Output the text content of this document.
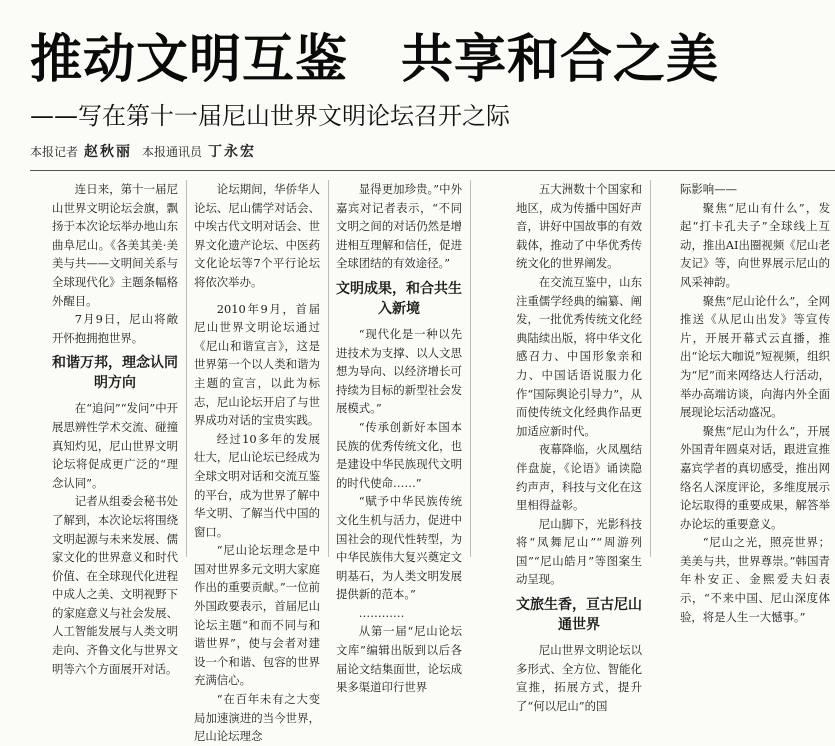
推动文明互鉴　共享和合之美
——写在第十一届尼山世界文明论坛召开之际
本报记者 赵秋丽 本报通讯员 丁永宏

连日来，第十一届尼山世界文明论坛会旗，飘扬于本次论坛举办地山东曲阜尼山。《各美其美·美美与共——文明间关系与全球现代化》主题条幅格外醒目。

7月9日，尼山将敞开怀抱拥抱世界。

和谐万邦，理念认同明方向

在“追问”“发问”中开展思辨性学术交流、碰撞真知灼见，尼山世界文明论坛将促成更广泛的“理念认同”。

记者从组委会秘书处了解到，本次论坛将围绕文明起源与未来发展、儒家文化的世界意义和时代价值、在全球现代化进程中成人之美、文明视野下的家庭意义与社会发展、人工智能发展与人类文明走向、齐鲁文化与世界文明等六个方面展开对话。

论坛期间，华侨华人论坛、尼山儒学对话会、中埃古代文明对话会、世界文化遗产论坛、中医药文化论坛等7个平行论坛将依次举办。

2010年9月，首届尼山世界文明论坛通过《尼山和谐宣言》，这是世界第一个以人类和谐为主题的宣言，以此为标志，尼山论坛开启了与世界成功对话的宝贵实践。

经过10多年的发展壮大，尼山论坛已经成为全球文明对话和交流互鉴的平台，成为世界了解中华文明、了解当代中国的窗口。

“尼山论坛理念是中国对世界多元文明大家庭作出的重要贡献。”一位前外国政要表示，首届尼山论坛主题“和而不同与和谐世界”，使与会者对建设一个和谐、包容的世界充满信心。

“在百年未有之大变局加速演进的当今世界，尼山论坛理念

显得更加珍贵。”中外嘉宾对记者表示，“不同文明之间的对话仍然是增进相互理解和信任，促进全球团结的有效途径。”

文明成果，和合共生入新境

“现代化是一种以先进技术为支撑、以人文思想为导向、以经济增长可持续为目标的新型社会发展模式。”

“传承创新好本国本民族的优秀传统文化，也是建设中华民族现代文明的时代使命……”

“赋予中华民族传统文化生机与活力，促进中国社会的现代性转型，为中华民族伟大复兴奠定文明基石，为人类文明发展提供新的范本。”

…………

从第一届“尼山论坛文库”编辑出版到以后各届论文结集面世，论坛成果多渠道印行世界

五大洲数十个国家和地区，成为传播中国好声音，讲好中国故事的有效载体，推动了中华优秀传统文化的世界阐发。

在交流互鉴中，山东注重儒学经典的编纂、阐发，一批优秀传统文化经典陆续出版，将中华文化感召力、中国形象亲和力、中国话语说服力化作“国际舆论引导力”，从而使传统文化经典作品更加适应新时代。

夜幕降临，火凤凰结伴盘旋，《论语》诵读隐约声声，科技与文化在这里相得益彰。

尼山脚下，光影科技将“凤舞尼山”“周游列国”“尼山皓月”等图案生动呈现。

文旅生香，亘古尼山通世界

尼山世界文明论坛以多形式、全方位、智能化宣推，拓展方式，提升了“何以尼山”的国

际影响——

聚焦“尼山有什么”，发起“打卡孔夫子”全球线上互动，推出AI出圈视频《尼山老友记》等，向世界展示尼山的风采神韵。

聚焦“尼山论什么”，全网推送《从尼山出发》等宣传片，开展开幕式云直播，推出“论坛大咖说”短视频，组织为“尼”而来网络达人行活动，举办高端访谈，向海内外全面展现论坛活动盛况。

聚焦“尼山为什么”，开展外国青年圆桌对话，跟进宣推嘉宾学者的真切感受，推出网络名人深度评论，多维度展示论坛取得的重要成果，解答举办论坛的重要意义。

“尼山之光，照亮世界；美美与共，世界尊崇。”韩国青年朴安正、金熙爱夫妇表示，“不来中国、尼山深度体验，将是人生一大憾事。”
